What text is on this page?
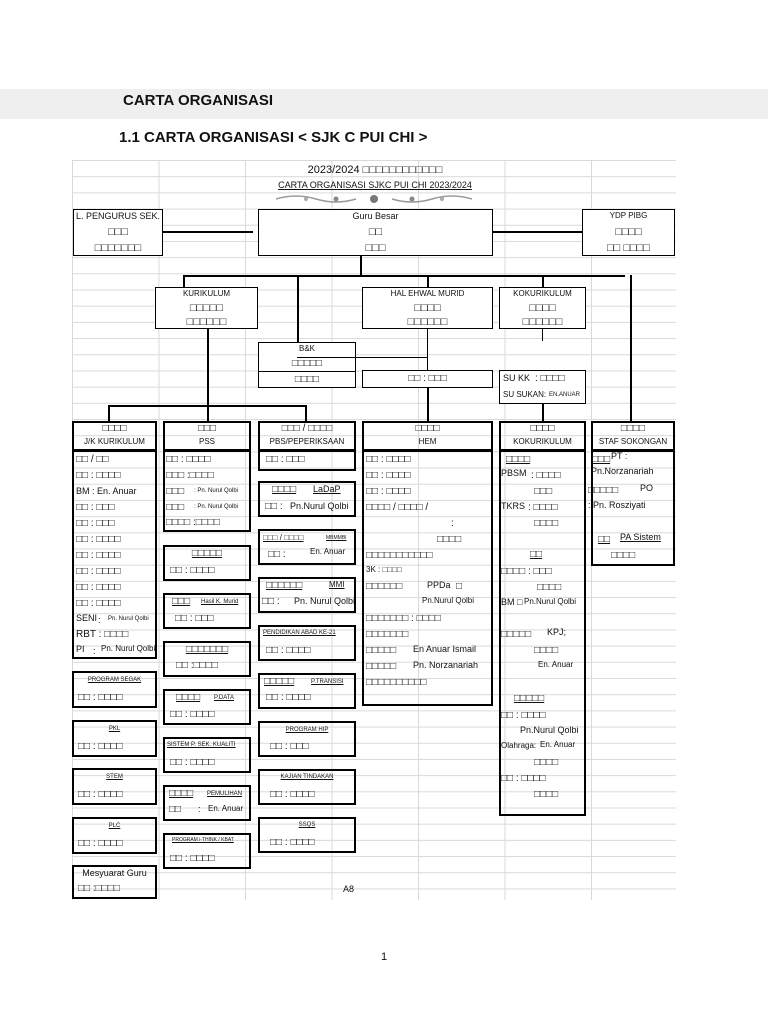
CARTA ORGANISASI
1.1 CARTA ORGANISASI < SJK C PUI CHI >
2023/2024 □□□□□□□□□□□□
CARTA ORGANISASI SJKC PUI CHI 2023/2024
L. PENGURUS SEK.
□□□
□□□□□□□
Guru Besar
□□
□□□
YDP PIBG
□□□□
□□ □□□□
KURIKULUM
□□□□□
□□□□□□
HAL EHWAL MURID
□□□□
□□□□□□
KOKURIKULUM
□□□□
□□□□□□
B&K
□□□□□
□□□□	□□ : □□□	SU KK : □□□□
SU SUKAN: EN.ANUAR
□□□□
J/K KURIKULUM
□□□
PSS
□□□ / □□□□
PBS/PEPERIKSAAN
□□□□
HEM
□□□□
KOKURIKULUM
□□□□
STAF SOKONGAN
□□ / □□
□□ : □□□□
BM : En. Anuar
□□ : □□□
□□ : □□□
□□ : □□□□
□□ : □□□□
□□ : □□□□
□□ : □□□□
□□ : □□□□
SENI : Pn. Nurul Qolbi
RBT : □□□□
PI : Pn. Nurul Qolbi
PROGRAM SEGAK
□□ : □□□□
PKL
□□ : □□□□
STEM
□□ : □□□□
PLC
□□ : □□□□
Mesyuarat Guru
□□ :□□□□
□□ : □□□□
□□□ :□□□□
□□□ : Pn. Nurul Qolbi
□□□ : Pn. Nurul Qolbi
□□□□ :□□□□
□□□□□
□□ : □□□□
□□□ Hasil K. Murid
□□ : □□□
□□□□□□□
□□ :□□□□
□□□□ P.DATA
□□ : □□□□
SISTEM P. SEK. KUALITI
□□ : □□□□
□□□□ PEMULIHAN
□□ : En. Anuar
PROGRAM i-THINK / KBAT
□□ : □□□□
□□ : □□□
□□□□ LaDaP
□□ : Pn.Nurul Qolbi
□□□ / □□□□	MBMMBI
□□ :	En. Anuar
□□□□□□	MMI
□□ : Pn. Nurul Qolbi
PENDIDIKAN ABAD KE-21
□□ : □□□□
□□□□□	P.TRANSISI
□□ : □□□□
PROGRAM HIP
□□ : □□□
KAJIAN TINDAKAN
□□ : □□□□
SSQS
□□ : □□□□
A8
□□ : □□□□
□□ : □□□□
□□ : □□□□
□□□□ / □□□□ /
:
□□□□
□□□□□□□□□□□
3K : □□□□
□□□□□□	PPDa □
Pn.Nurul Qolbi
□□□□□□□ : □□□□
□□□□□□□
□□□□□ En Anuar Ismail
□□□□□ Pn. Norzanariah
□□□□□□□□□□
□□□□
PBSM : □□□□
□□□
TKRS : □□□□
□□□□
□□
□□□□ : □□□
□□□□
BM □ Pn.Nurul Qolbi
□□□□□ KPJ;
□□□□
En. Anuar
□□□□□
□□ : □□□□
Pn.Nurul Qolbi
Olahraga: En. Anuar
□□□□
□□ : □□□□
□□□□
□□□ PT :
Pn.Norzanariah
□□□□□ PO
: Pn. Rosziyati
□□ PA Sistem
□□□□
1
